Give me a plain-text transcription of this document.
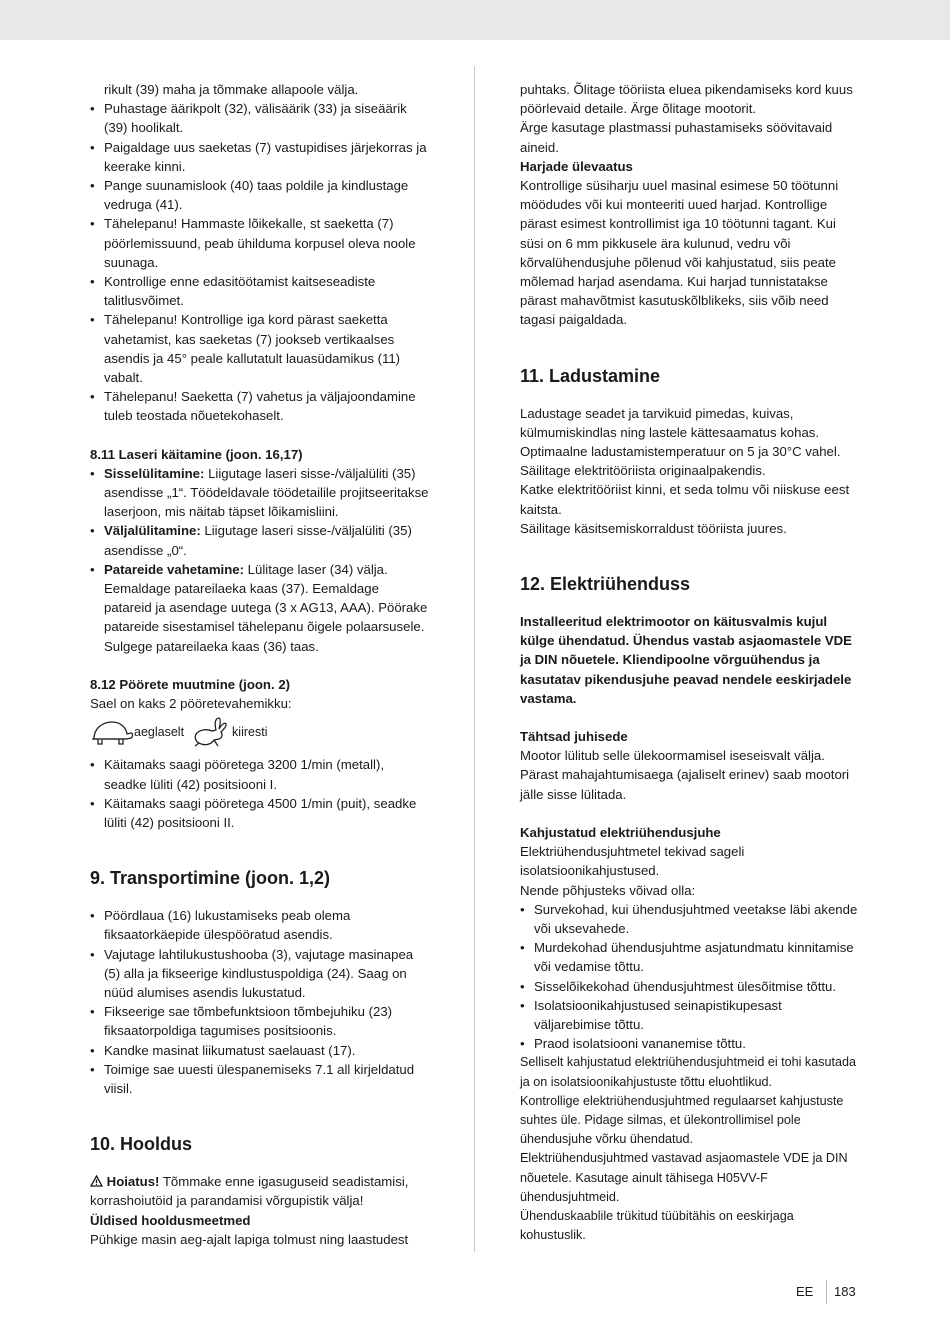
rikult (39) maha ja tõmmake allapoole välja.

• Puhastage äärikpolt (32), välisäärik (33) ja siseäärik (39) hoolikalt.
• Paigaldage uus saeketas (7) vastupidises järjekorras ja keerake kinni.
• Pange suunamislook (40) taas poldile ja kindlustage vedruga (41).
• Tähelepanu! Hammaste lõikekalle, st saeketta (7) pöörlemissuund, peab ühilduma korpusel oleva noole suunaga.
• Kontrollige enne edasitöötamist kaitseseadiste talitlusvõimet.
• Tähelepanu! Kontrollige iga kord pärast saeketta vahetamist, kas saeketas (7) jookseb vertikaalses asendis ja 45° peale kallutatult lauasüdamikus (11) vabalt.
• Tähelepanu! Saeketta (7) vahetus ja väljajoondamine tuleb teostada nõuetekohaselt.

8.11 Laseri käitamine (joon. 16,17)

• Sisselülitamine: Liigutage laseri sisse-/väljalüliti (35) asendisse „1“. Töödeldavale töödetailile projitseeritakse laserjoon, mis näitab täpset lõikamisliini.
• Väljalülitamine: Liigutage laseri sisse-/väljalüliti (35) asendisse „0“.
• Patareide vahetamine: Lülitage laser (34) välja. Eemaldage patareilaeka kaas (37). Eemaldage patareid ja asendage uutega (3 x AG13, AAA). Pöörake patareide sisestamisel tähelepanu õigele polaarsusele. Sulgege patareilaeka kaas (36) taas.

8.12 Pöörete muutmine (joon. 2)

Sael on kaks 2 pööretevahemikku:

aeglaselt	kiiresti
• Käitamaks saagi pööretega 3200 1/min (metall), seadke lüliti (42) positsiooni I.
• Käitamaks saagi pööretega 4500 1/min (puit), seadke lüliti (42) positsiooni II.
9. Transportimine (joon. 1,2)
• Pöördlaua (16) lukustamiseks peab olema fiksaatorkäepide ülespööratud asendis.
• Vajutage lahtilukustushooba (3), vajutage masinapea (5) alla ja fikseerige kindlustuspoldiga (24). Saag on nüüd alumises asendis lukustatud.
• Fikseerige sae tõmbefunktsioon tõmbejuhiku (23) fiksaatorpoldiga tagumises positsioonis.
• Kandke masinat liikumatust saelauast (17).
• Toimige sae uuesti ülespanemiseks 7.1 all kirjeldatud viisil.
10. Hooldus

Hoiatus! Tõmmake enne igasuguseid seadistamisi, korrashoiutöid ja parandamisi võrgupistik välja!

Üldised hooldusmeetmed

Pühkige masin aeg-ajalt lapiga tolmust ning laastudest

puhtaks. Õlitage tööriista eluea pikendamiseks kord kuus pöörlevaid detaile. Ärge õlitage mootorit.

Ärge kasutage plastmassi puhastamiseks söövitavaid aineid.

Harjade ülevaatus

Kontrollige süsiharju uuel masinal esimese 50 töötunni möödudes või kui monteeriti uued harjad. Kontrollige pärast esimest kontrollimist iga 10 töötunni tagant. Kui süsi on 6 mm pikkusele ära kulunud, vedru või kõrvalühendusjuhe põlenud või kahjustatud, siis peate mõlemad harjad asendama. Kui harjad tunnistatakse pärast mahavõtmist kasutuskõlblikeks, siis võib need tagasi paigaldada.

11. Ladustamine

Ladustage seadet ja tarvikuid pimedas, kuivas, külmumiskindlas ning lastele kättesaamatus kohas. Optimaalne ladustamistemperatuur on 5 ja 30°C vahel.

Säilitage elektritööriista originaalpakendis.

Katke elektritööriist kinni, et seda tolmu või niiskuse eest kaitsta.

Säilitage käsitsemiskorraldust tööriista juures.

12. Elektriühenduss

Installeeritud elektrimootor on käitusvalmis kujul külge ühendatud. Ühendus vastab asjaomastele VDE ja DIN nõuetele. Kliendipoolne võrguühendus ja kasutatav pikendusjuhe peavad nendele eeskirjadele vastama.

Tähtsad juhisede

Mootor lülitub selle ülekoormamisel iseseisvalt välja. Pärast mahajahtumisaega (ajaliselt erinev) saab mootori jälle sisse lülitada.

Kahjustatud elektriühendusjuhe

Elektriühendusjuhtmetel tekivad sageli isolatsioonikahjustused.

Nende põhjusteks võivad olla:

• Survekohad, kui ühendusjuhtmed veetakse läbi akende või uksevahede.
• Murdekohad ühendusjuhtme asjatundmatu kinnitamise või vedamise tõttu.
• Sisselõikekohad ühendusjuhtmest ülesõitmise tõttu.
• Isolatsioonikahjustused seinapistikupesast väljarebimise tõttu.
• Praod isolatsiooni vananemise tõttu.

Selliselt kahjustatud elektriühendusjuhtmeid ei tohi kasutada ja on isolatsioonikahjustuste tõttu eluohtlikud.

Kontrollige elektriühendusjuhtmed regulaarset kahjustuste suhtes üle. Pidage silmas, et ülekontrollimisel pole ühendusjuhe võrku ühendatud.

Elektriühendusjuhtmed vastavad asjaomastele VDE ja DIN nõuetele. Kasutage ainult tähisega H05VV-F ühendusjuhtmeid.

Ühenduskaablile trükitud tüübitähis on eeskirjaga kohustuslik.

EE 183
